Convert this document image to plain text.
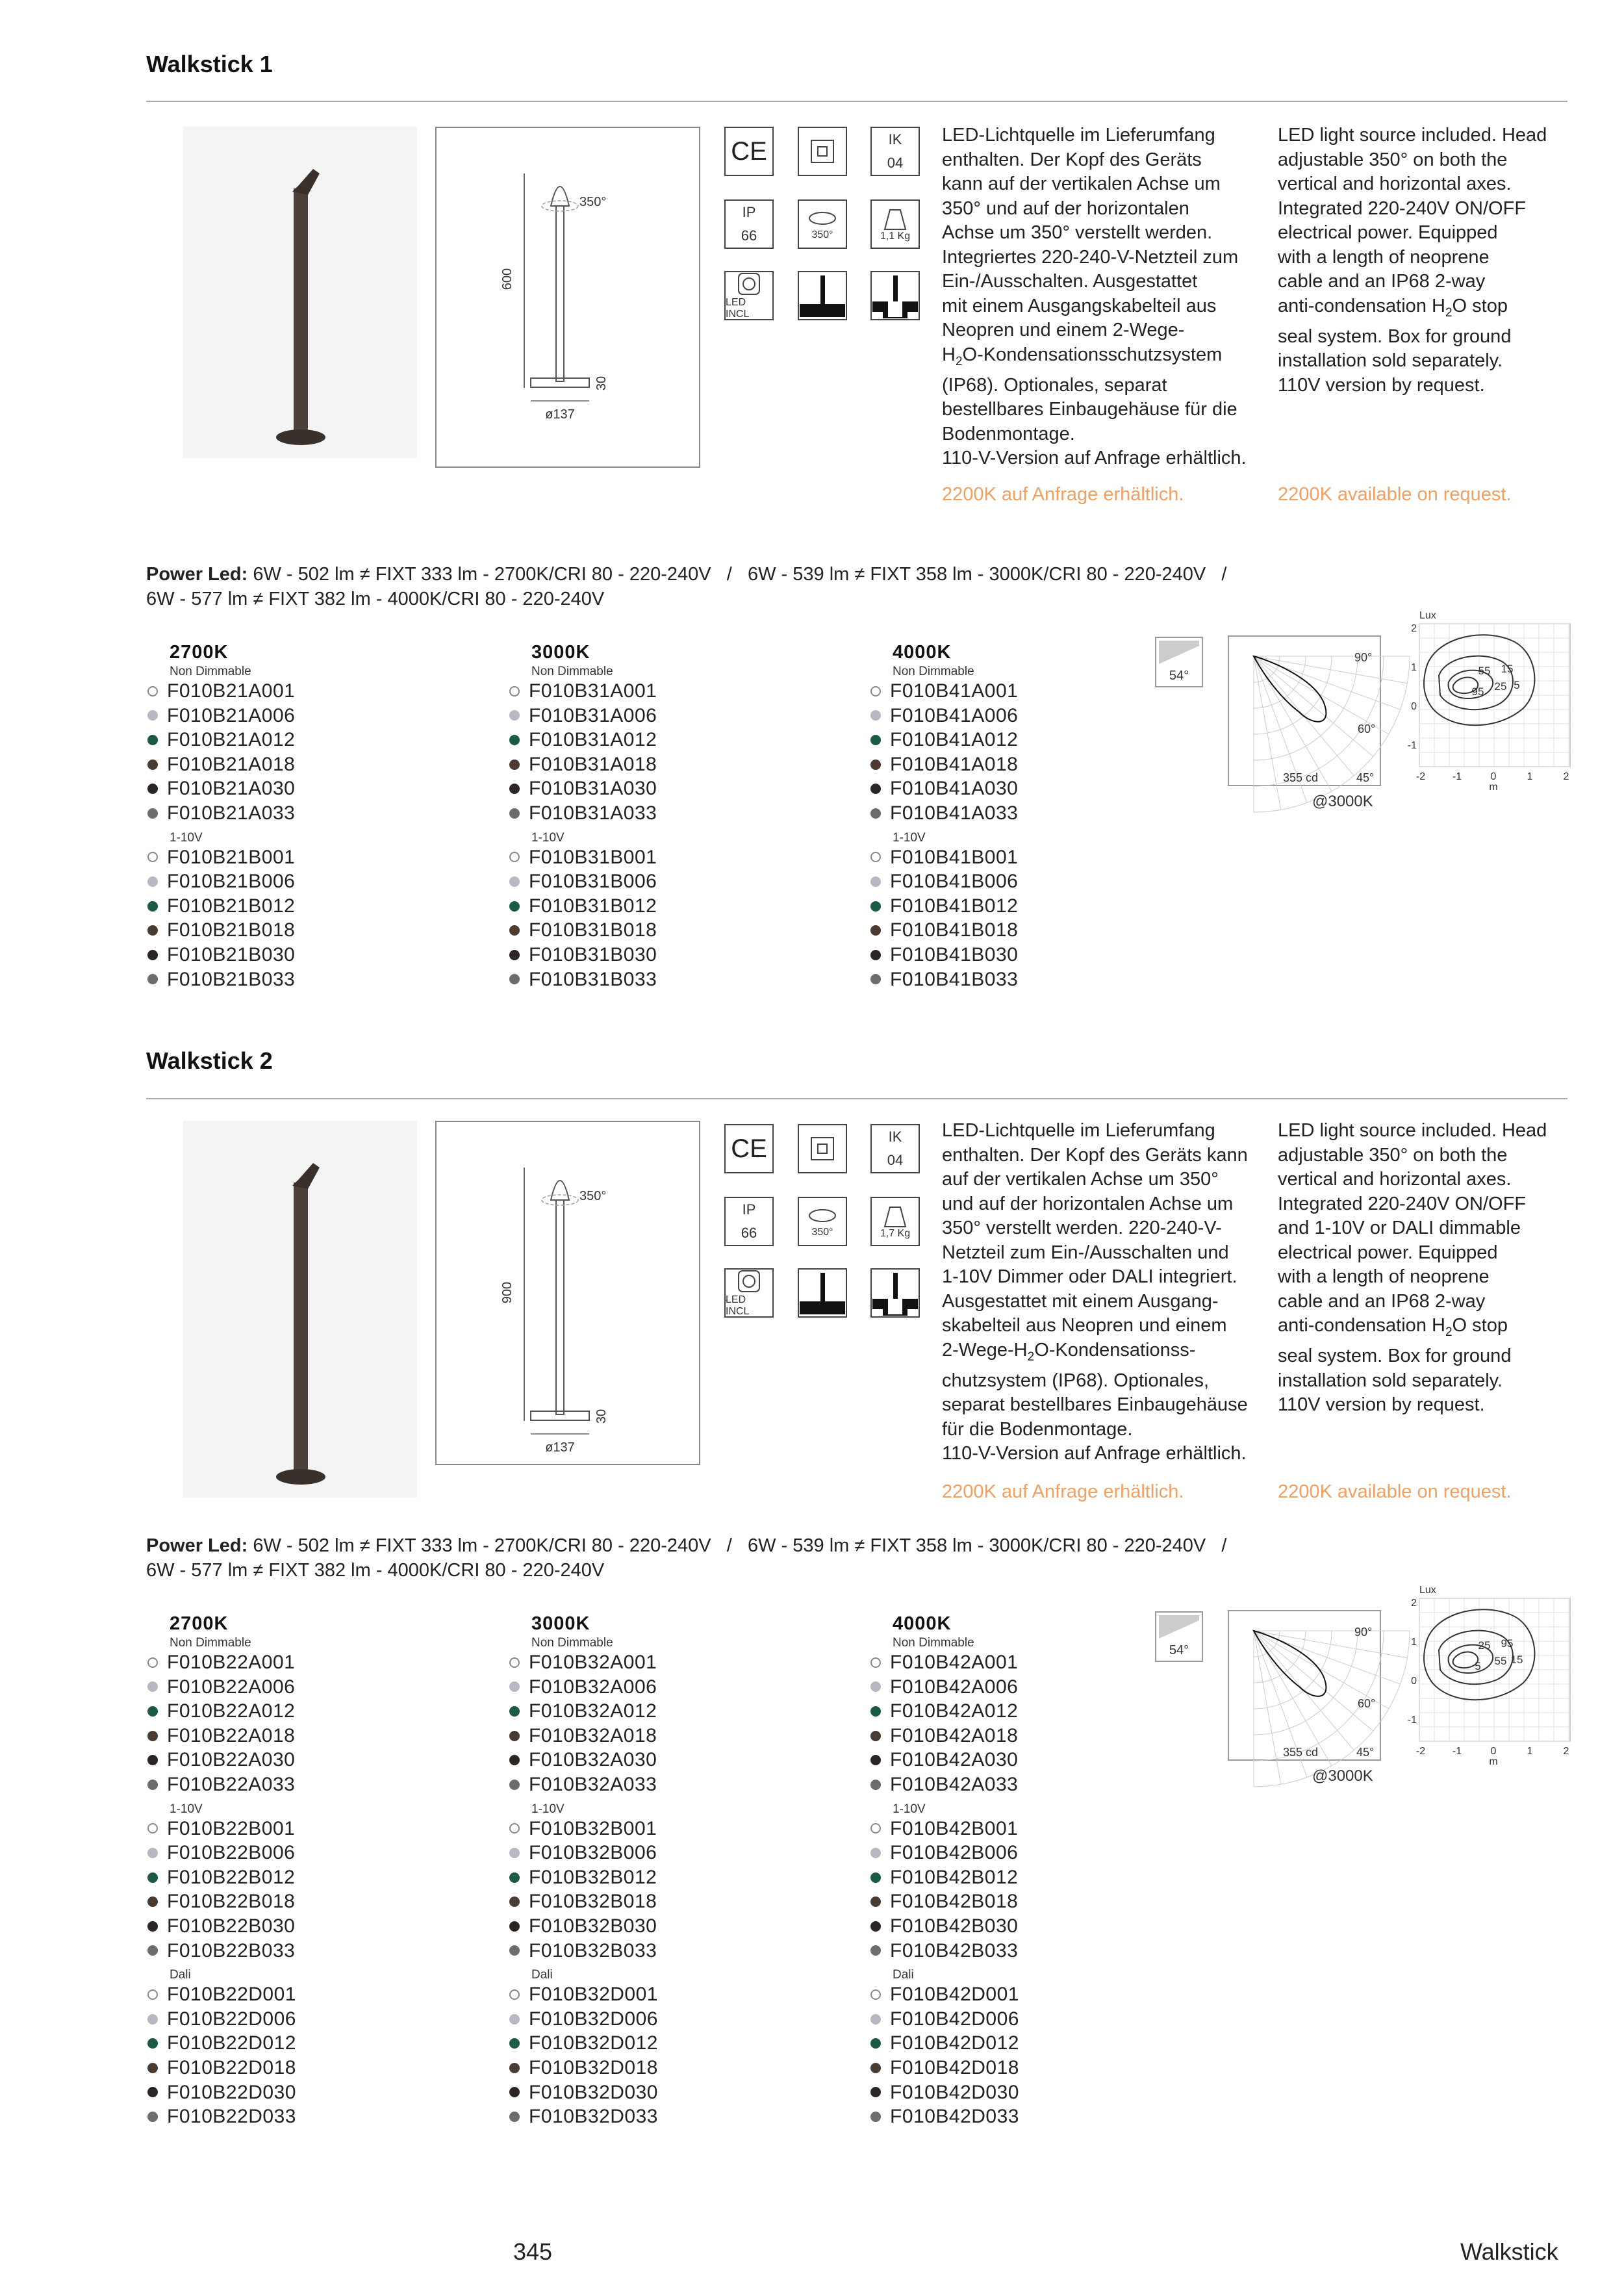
Walkstick 1
350°
600
30
ø137
CE	IK
04
IP
66	350°	1,1 Kg
LED INCL
LED-Lichtquelle im Lieferumfang
enthalten. Der Kopf des Geräts
kann auf der vertikalen Achse um
350° und auf der horizontalen
Achse um 350° verstellt werden.
Integriertes 220-240-V-Netzteil zum
Ein-/Ausschalten. Ausgestattet
mit einem Ausgangskabelteil aus
Neopren und einem 2-Wege-
$H_2O$-Kondensationsschutzsystem
(IP68). Optionales, separat
bestellbares Einbaugehäuse für die
Bodenmontage.
110-V-Version auf Anfrage erhältlich.
LED light source included. Head
adjustable 350° on both the
vertical and horizontal axes.
Integrated 220-240V ON/OFF
electrical power. Equipped
with a length of neoprene
cable and an IP68 2-way
anti-condensation $H_2O$ stop
seal system. Box for ground
installation sold separately.
110V version by request.
2200K auf Anfrage erhältlich.	2200K available on request.
Power Led: 6W - 502 lm ≠ FIXT 333 lm - 2700K/CRI 80 - 220-240V   /   6W - 539 lm ≠ FIXT 358 lm - 3000K/CRI 80 - 220-240V   /
6W - 577 lm ≠ FIXT 382 lm - 4000K/CRI 80 - 220-240V
2700K
Non Dimmable
F010B21A001
F010B21A006
F010B21A012
F010B21A018
F010B21A030
F010B21A033
1-10V
F010B21B001
F010B21B006
F010B21B012
F010B21B018
F010B21B030
F010B21B033
3000K
Non Dimmable
F010B31A001
F010B31A006
F010B31A012
F010B31A018
F010B31A030
F010B31A033
1-10V
F010B31B001
F010B31B006
F010B31B012
F010B31B018
F010B31B030
F010B31B033
4000K
Non Dimmable
F010B41A001
F010B41A006
F010B41A012
F010B41A018
F010B41A030
F010B41A033
1-10V
F010B41B001
F010B41B006
F010B41B012
F010B41B018
F010B41B030
F010B41B033
54°
90°
60°
45°
355 cd
@3000K
Lux
55 15
5
95 25
2
1
0
-1
-2	-1	0	1	2
m
Walkstick 2
350°
900
30
ø137
CE	IK
04
IP
66	350°	1,7 Kg
LED INCL
LED-Lichtquelle im Lieferumfang
enthalten. Der Kopf des Geräts kann
auf der vertikalen Achse um 350°
und auf der horizontalen Achse um
350° verstellt werden. 220-240-V-
Netzteil zum Ein-/Ausschalten und
1-10V Dimmer oder DALI integriert.
Ausgestattet mit einem Ausgang-
skabelteil aus Neopren und einem
$2-Wege-H_2O-Kondensationss-$
chutzsystem (IP68). Optionales,
separat bestellbares Einbaugehäuse
für die Bodenmontage.
110-V-Version auf Anfrage erhältlich.
LED light source included. Head
adjustable 350° on both the
vertical and horizontal axes.
Integrated 220-240V ON/OFF
and 1-10V or DALI dimmable
electrical power. Equipped
with a length of neoprene
cable and an IP68 2-way
anti-condensation $H_2O$ stop
seal system. Box for ground
installation sold separately.
110V version by request.
2200K auf Anfrage erhältlich.	2200K available on request.
Power Led: 6W - 502 lm ≠ FIXT 333 lm - 2700K/CRI 80 - 220-240V   /   6W - 539 lm ≠ FIXT 358 lm - 3000K/CRI 80 - 220-240V   /
6W - 577 lm ≠ FIXT 382 lm - 4000K/CRI 80 - 220-240V
2700K
Non Dimmable
F010B22A001
F010B22A006
F010B22A012
F010B22A018
F010B22A030
F010B22A033
1-10V
F010B22B001
F010B22B006
F010B22B012
F010B22B018
F010B22B030
F010B22B033
Dali
F010B22D001
F010B22D006
F010B22D012
F010B22D018
F010B22D030
F010B22D033
3000K
Non Dimmable
F010B32A001
F010B32A006
F010B32A012
F010B32A018
F010B32A030
F010B32A033
1-10V
F010B32B001
F010B32B006
F010B32B012
F010B32B018
F010B32B030
F010B32B033
Dali
F010B32D001
F010B32D006
F010B32D012
F010B32D018
F010B32D030
F010B32D033
4000K
Non Dimmable
F010B42A001
F010B42A006
F010B42A012
F010B42A018
F010B42A030
F010B42A033
1-10V
F010B42B001
F010B42B006
F010B42B012
F010B42B018
F010B42B030
F010B42B033
Dali
F010B42D001
F010B42D006
F010B42D012
F010B42D018
F010B42D030
F010B42D033
54°
90°
60°
45°
355 cd
@3000K
Lux
25 95
15
5 55
2
1
0
-1
-2	-1	0	1	2
m
345	Walkstick
